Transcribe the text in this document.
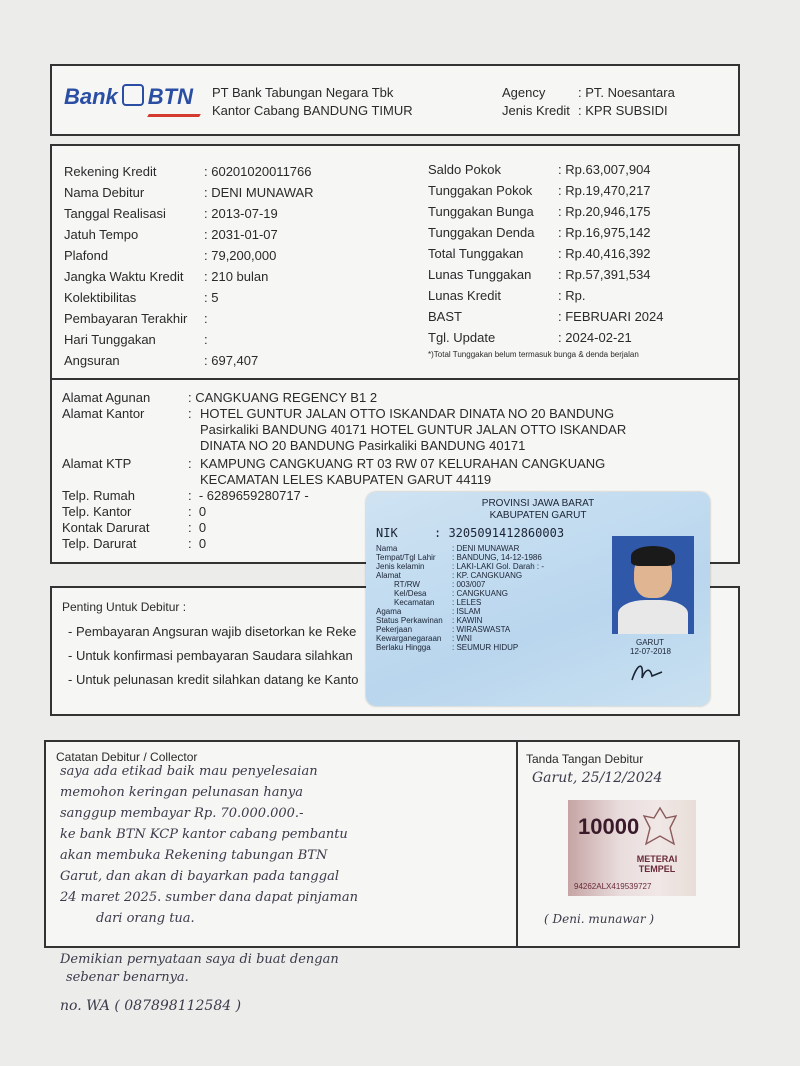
Bank BTN PT Bank Tabungan Negara Tbk
Kantor Cabang BANDUNG TIMUR
Agency	: PT. Noesantara
Jenis Kredit : KPR SUBSIDI
Rekening Kredit	: 60201020011766
Nama Debitur	: DENI MUNAWAR
Tanggal Realisasi	: 2013-07-19
Jatuh Tempo	: 2031-01-07
Plafond	: 79,200,000
Jangka Waktu Kredit : 210 bulan
Kolektibilitas	: 5
Pembayaran Terakhir :
Hari Tunggakan	:
Angsuran	: 697,407
Saldo Pokok	: Rp.63,007,904
Tunggakan Pokok : Rp.19,470,217
Tunggakan Bunga : Rp.20,946,175
Tunggakan Denda : Rp.16,975,142
Total Tunggakan	: Rp.40,416,392
Lunas Tunggakan : Rp.57,391,534
Lunas Kredit	: Rp.
BAST	: FEBRUARI 2024
Tgl. Update	: 2024-02-21
*)Total Tunggakan belum termasuk bunga & denda berjalan
Alamat Agunan	: CANGKUANG REGENCY B1 2
Alamat Kantor	: HOTEL GUNTUR JALAN OTTO ISKANDAR DINATA NO 20 BANDUNG
Pasirkaliki BANDUNG 40171 HOTEL GUNTUR JALAN OTTO ISKANDAR
DINATA NO 20 BANDUNG Pasirkaliki BANDUNG 40171
Alamat KTP	: KAMPUNG CANGKUANG RT 03 RW 07 KELURAHAN CANGKUANG
KECAMATAN LELES KABUPATEN GARUT 44119
Telp. Rumah	:  - 6289659280717 -
Telp. Kantor	:  0
Kontak Darurat	:  0
Telp. Darurat	:  0
Penting Untuk Debitur :
- Pembayaran Angsuran wajib disetorkan ke Reke
- Untuk konfirmasi pembayaran Saudara silahkan
- Untuk pelunasan kredit silahkan datang ke Kanto
PROVINSI JAWA BARAT
KABUPATEN GARUT
NIK	: 3205091412860003
Nama	: DENI MUNAWAR
Tempat/Tgl Lahir : BANDUNG, 14-12-1986
Jenis kelamin	: LAKI-LAKI Gol. Darah : -
Alamat	: KP. CANGKUANG
RT/RW	: 003/007
Kel/Desa	: CANGKUANG
Kecamatan : LELES
Agama	: ISLAM
Status Perkawinan : KAWIN
Pekerjaan	: WIRASWASTA
Kewarganegaraan : WNI
Berlaku Hingga	: SEUMUR HIDUP
GARUT
12-07-2018
Catatan Debitur / Collector
saya ada etikad baik mau penyelesaian
memohon keringan pelunasan hanya
sanggup membayar Rp. 70.000.000.-
ke bank BTN KCP kantor cabang pembantu
akan membuka Rekening tabungan BTN
Garut, dan akan di bayarkan pada tanggal
24 maret 2025. sumber dana dapat pinjaman
dari orang tua.
Tanda Tangan Debitur
Garut, 25/12/2024
( Deni. munawar )
10000
METERAI TEMPEL
94262ALX419539727
Demikian pernyataan saya di buat dengan
sebenar benarnya.
no. WA ( 087898112584 )
